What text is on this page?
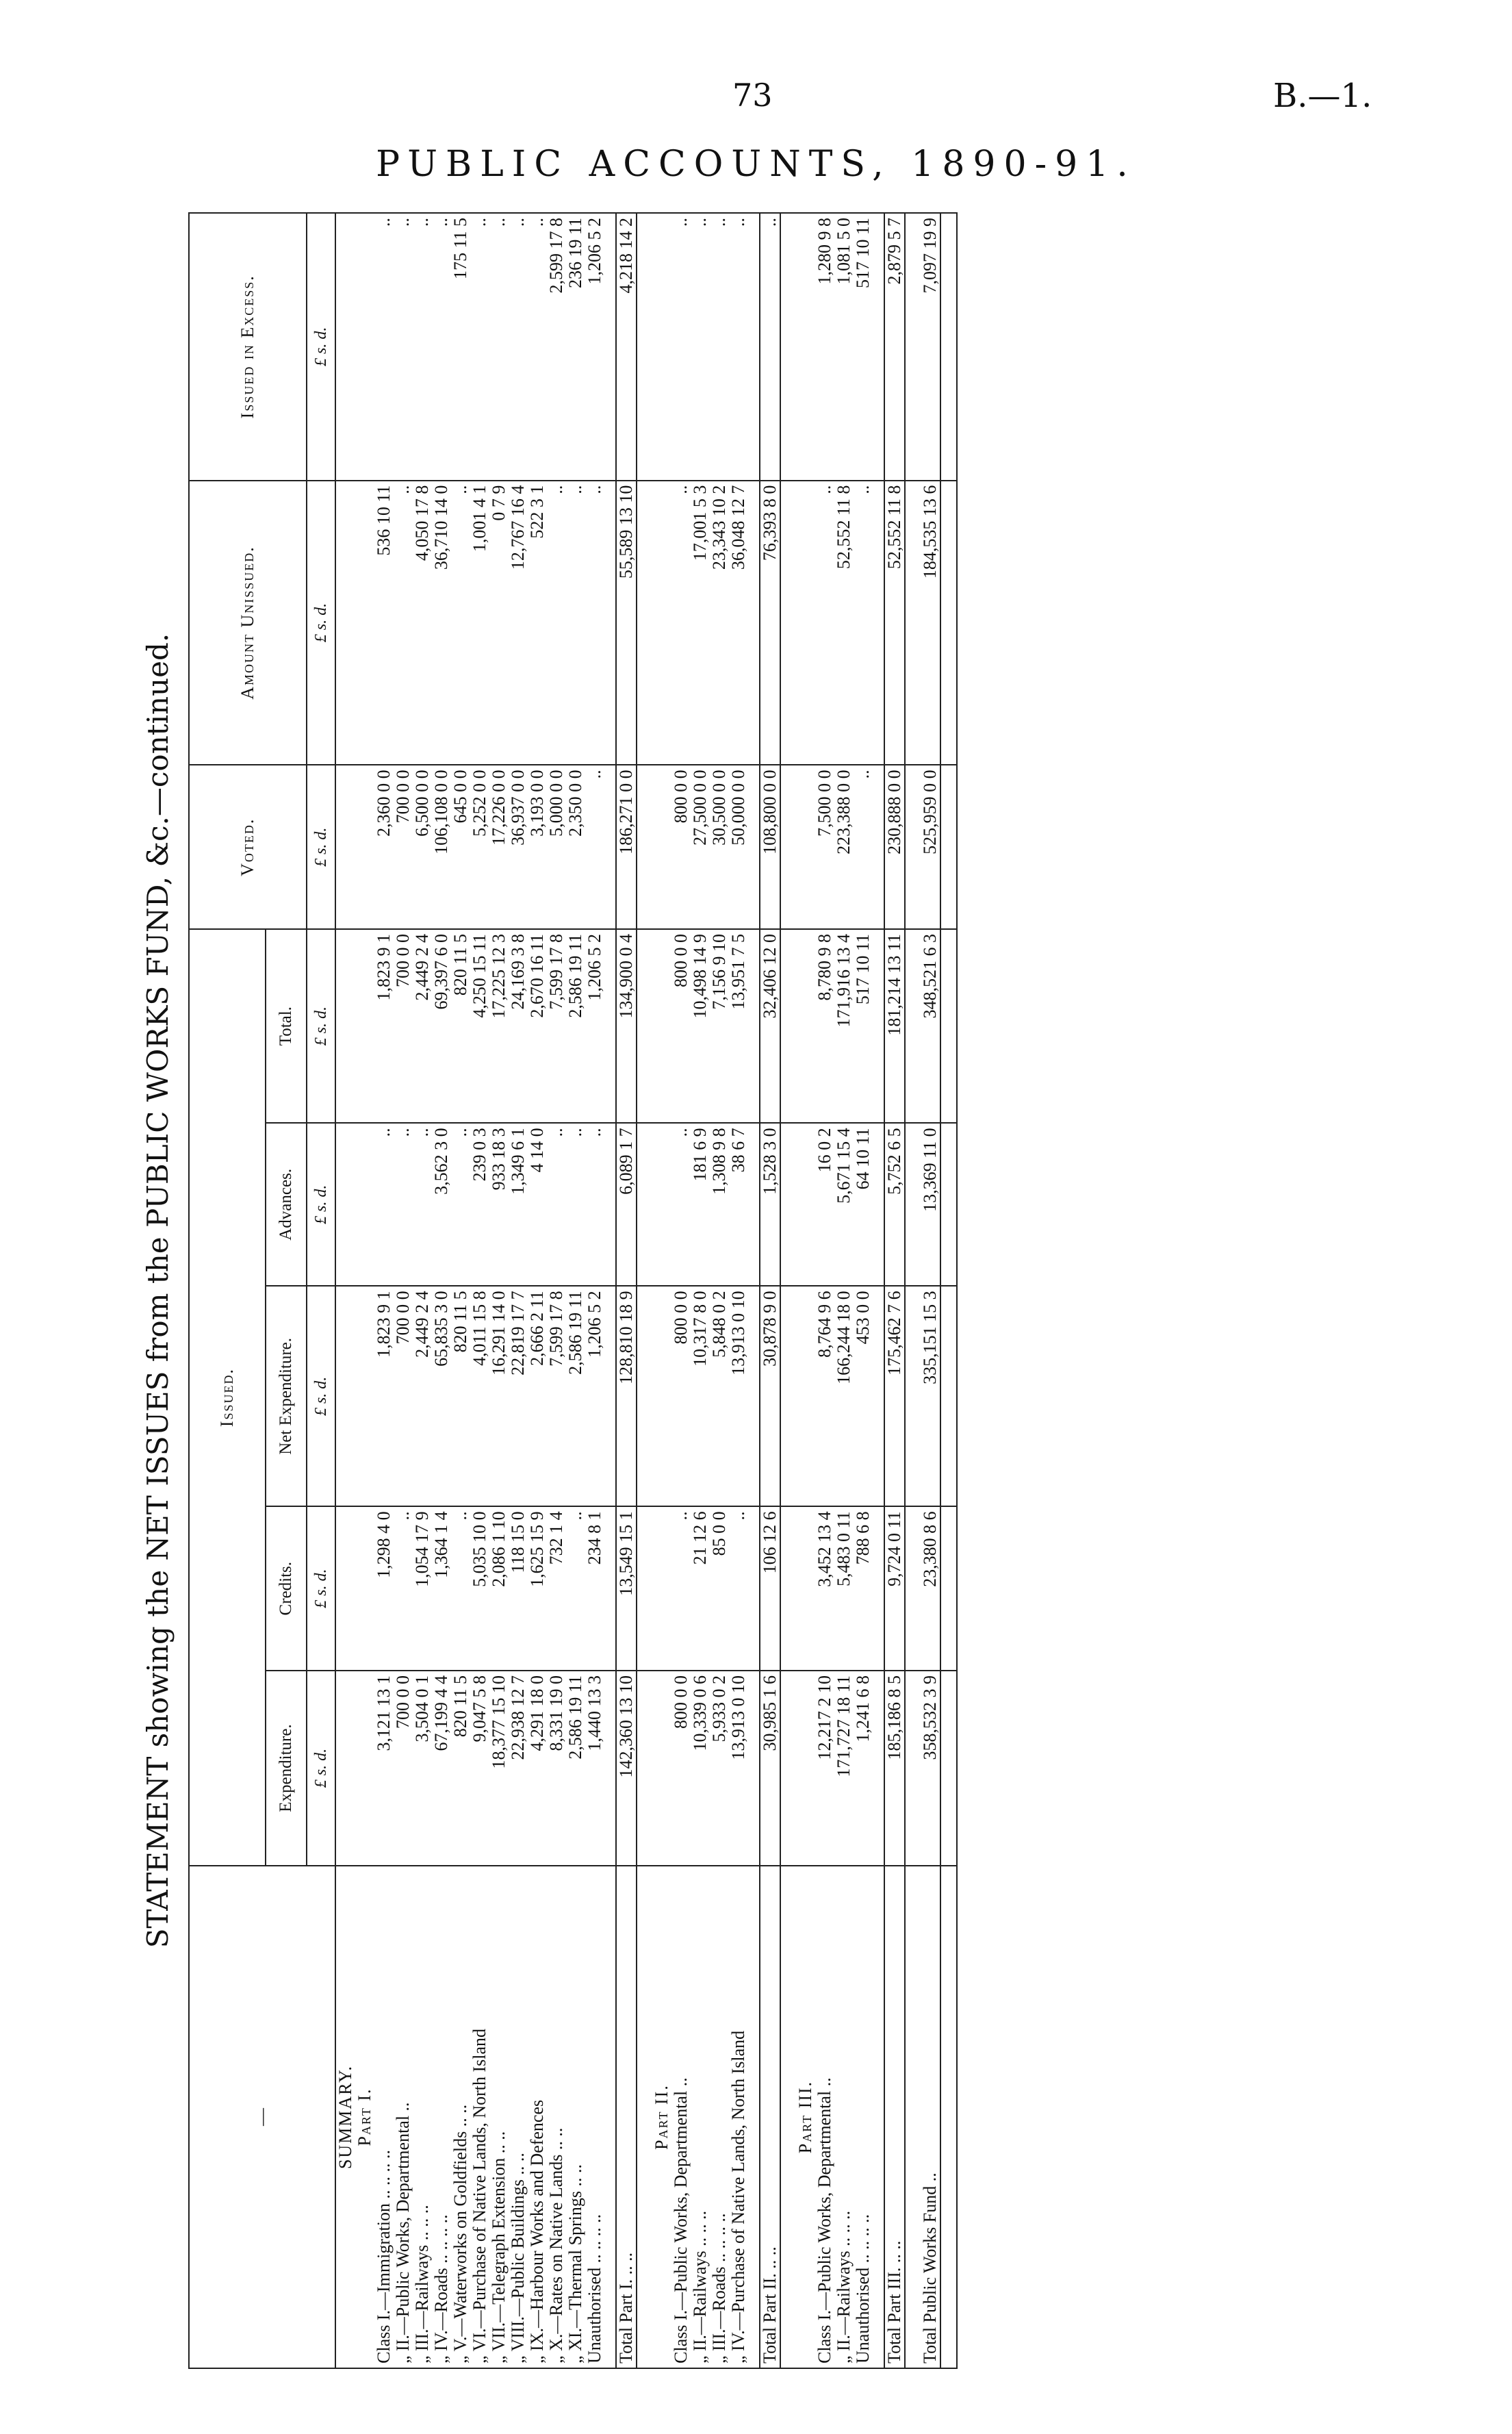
73	B.—1.
PUBLIC ACCOUNTS, 1890-91.
STATEMENT showing the NET ISSUES from the PUBLIC WORKS FUND, &c.—continued.
—	Issued.					Voted.	Amount Unissued.	Issued in Excess.
	Expenditure.	Credits.	Net Expenditure.	Advances.	Total.			
	£ s. d.	£ s. d.	£ s. d.	£ s. d.	£ s. d.	£ s. d.	£ s. d.	£ s. d.
SUMMARY.								
Part I.								
Class I.—Immigration .. .. .. ..	3,121 13 1	1,298 4 0	1,823 9 1	..	1,823 9 1	2,360 0 0	536 10 11	..
„ II.—Public Works, Departmental ..	700 0 0	..	700 0 0	..	700 0 0	700 0 0	..	..
„ III.—Railways .. .. ..	3,504 0 1	1,054 17 9	2,449 2 4	..	2,449 2 4	6,500 0 0	4,050 17 8	..
„ IV.—Roads .. .. .. ..	67,199 4 4	1,364 1 4	65,835 3 0	3,562 3 0	69,397 6 0	106,108 0 0	36,710 14 0	..
„ V.—Waterworks on Goldfields .. ..	820 11 5	..	820 11 5	..	820 11 5	645 0 0	..	175 11 5
„ VI.—Purchase of Native Lands, North Island	9,047 5 8	5,035 10 0	4,011 15 8	239 0 3	4,250 15 11	5,252 0 0	1,001 4 1	..
„ VII.—Telegraph Extension .. ..	18,377 15 10	2,086 1 10	16,291 14 0	933 18 3	17,225 12 3	17,226 0 0	0 7 9	..
„ VIII.—Public Buildings .. ..	22,938 12 7	118 15 0	22,819 17 7	1,349 6 1	24,169 3 8	36,937 0 0	12,767 16 4	..
„ IX.—Harbour Works and Defences	4,291 18 0	1,625 15 9	2,666 2 11	4 14 0	2,670 16 11	3,193 0 0	522 3 1	..
„ X.—Rates on Native Lands .. ..	8,331 19 0	732 1 4	7,599 17 8	..	7,599 17 8	5,000 0 0	..	2,599 17 8
„ XI.—Thermal Springs .. ..	2,586 19 11	..	2,586 19 11	..	2,586 19 11	2,350 0 0	..	236 19 11
Unauthorised .. .. .. ..	1,440 13 3	234 8 1	1,206 5 2	..	1,206 5 2	..	..	1,206 5 2

Total Part I. .. ..	142,360 13 10	13,549 15 1	128,810 18 9	6,089 1 7	134,900 0 4	186,271 0 0	55,589 13 10	4,218 14 2

Part II.								
Class I.—Public Works, Departmental ..	800 0 0	..	800 0 0	..	800 0 0	800 0 0	..	..
„ II.—Railways .. .. ..	10,339 0 6	21 12 6	10,317 8 0	181 6 9	10,498 14 9	27,500 0 0	17,001 5 3	..
„ III.—Roads .. .. .. ..	5,933 0 2	85 0 0	5,848 0 2	1,308 9 8	7,156 9 10	30,500 0 0	23,343 10 2	..
„ IV.—Purchase of Native Lands, North Island	13,913 0 10	..	13,913 0 10	38 6 7	13,951 7 5	50,000 0 0	36,048 12 7	..

Total Part II. .. ..	30,985 1 6	106 12 6	30,878 9 0	1,528 3 0	32,406 12 0	108,800 0 0	76,393 8 0	..

Part III.								
Class I.—Public Works, Departmental ..	12,217 2 10	3,452 13 4	8,764 9 6	16 0 2	8,780 9 8	7,500 0 0	..	1,280 9 8
„ II.—Railways .. .. ..	171,727 18 11	5,483 0 11	166,244 18 0	5,671 15 4	171,916 13 4	223,388 0 0	52,552 11 8	1,081 5 0
Unauthorised .. .. .. ..	1,241 6 8	788 6 8	453 0 0	64 10 11	517 10 11	..	..	517 10 11

Total Part III. .. ..	185,186 8 5	9,724 0 11	175,462 7 6	5,752 6 5	181,214 13 11	230,888 0 0	52,552 11 8	2,879 5 7

Total Public Works Fund ..	358,532 3 9	23,380 8 6	335,151 15 3	13,369 11 0	348,521 6 3	525,959 0 0	184,535 13 6	7,097 19 9
